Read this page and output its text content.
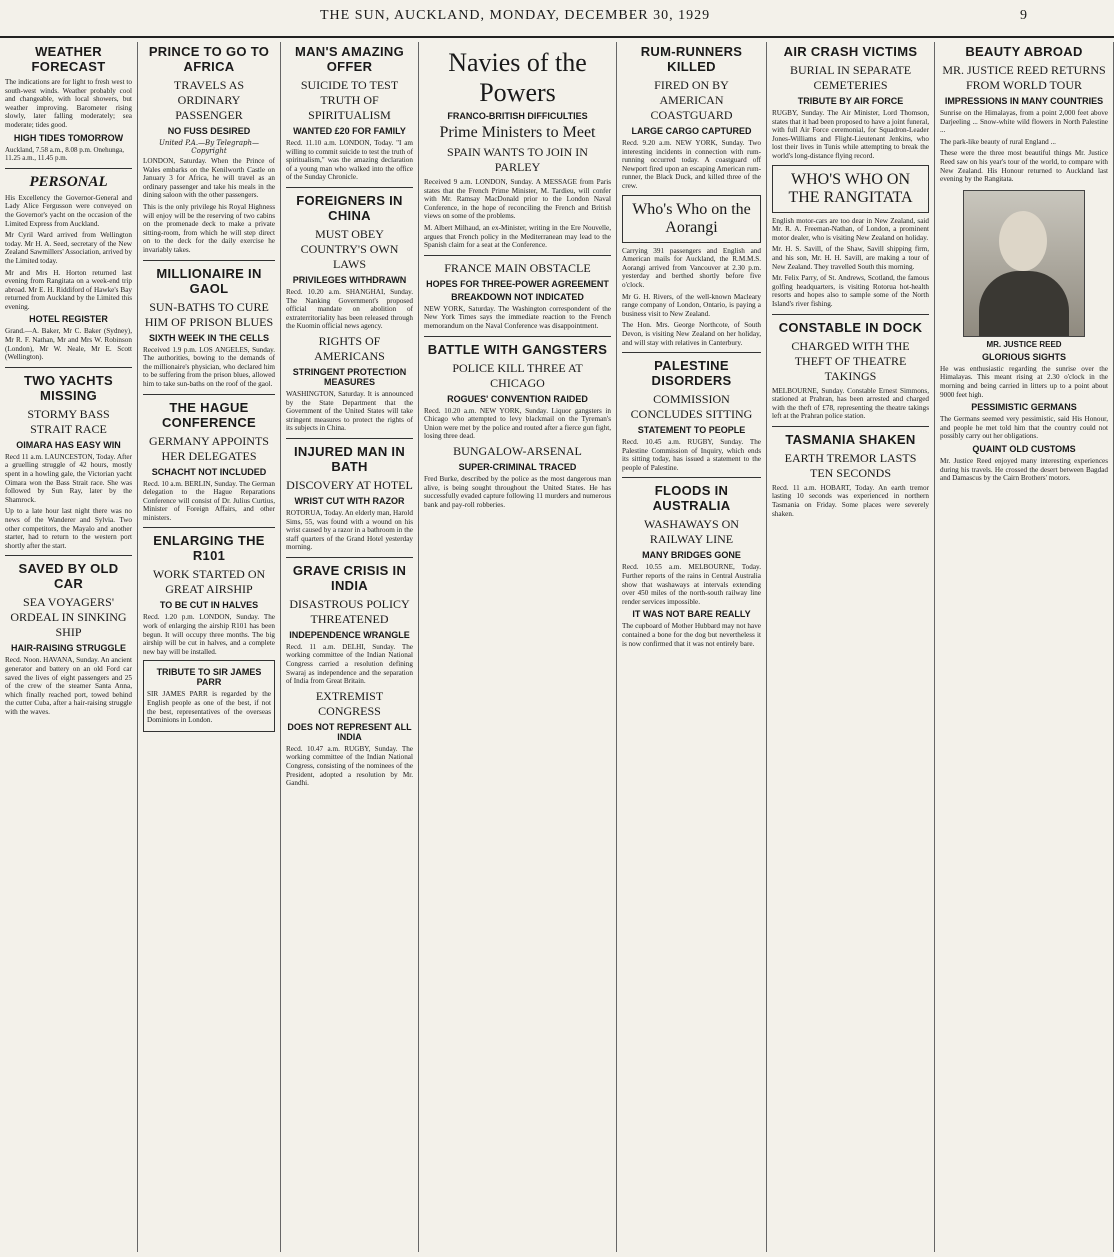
THE SUN, AUCKLAND, MONDAY, DECEMBER 30, 1929	9
WEATHER FORECAST

The indications are for light to fresh west to south-west winds. Weather probably cool and changeable, with local showers, but weather improving. Barometer rising slowly, later falling moderately; sea moderate; tides good.

HIGH TIDES TOMORROW

Auckland, 7.58 a.m., 8.08 p.m. Onehunga, 11.25 a.m., 11.45 p.m.

PERSONAL

His Excellency the Governor-General and Lady Alice Fergusson were conveyed on the Governor's yacht on the occasion of the Limited Express from Auckland.

Mr Cyril Ward arrived from Wellington today. Mr H. A. Seed, secretary of the New Zealand Sawmillers' Association, arrived by the Limited today.

Mr and Mrs H. Horton returned last evening from Rangitata on a week-end trip abroad. Mr E. H. Riddiford of Hawke's Bay returned from Auckland by the Limited this evening.

HOTEL REGISTER

Grand.—A. Baker, Mr C. Baker (Sydney), Mr R. F. Nathan, Mr and Mrs W. Robinson (London), Mr W. Neale, Mr E. Scott (Wellington).

TWO YACHTS MISSING
STORMY BASS STRAIT RACE
OIMARA HAS EASY WIN

Recd 11 a.m. LAUNCESTON, Today. After a gruelling struggle of 42 hours, mostly spent in a howling gale, the Victorian yacht Oimara won the Bass Strait race. She was followed by Sun Ray, later by the Shamrock.

Up to a late hour last night there was no news of the Wanderer and Sylvia. Two other competitors, the Mayalo and another starter, had to return to the western port shortly after the start.

SAVED BY OLD CAR
SEA VOYAGERS' ORDEAL IN SINKING SHIP
HAIR-RAISING STRUGGLE

Recd. Noon. HAVANA, Sunday. An ancient generator and battery on an old Ford car saved the lives of eight passengers and 25 of the crew of the steamer Santa Anna, which finally reached port, towed behind the cutter Cuba, after a hair-raising struggle with the waves.

PRINCE TO GO TO AFRICA
TRAVELS AS ORDINARY PASSENGER
NO FUSS DESIRED
United P.A.—By Telegraph—Copyright

LONDON, Saturday. When the Prince of Wales embarks on the Kenilworth Castle on January 3 for Africa, he will travel as an ordinary passenger and take his meals in the dining saloon with the other passengers.

This is the only privilege his Royal Highness will enjoy will be the reserving of two cabins on the promenade deck to make a private sitting-room, from which he will step direct on to the deck for the daily exercise he invariably takes.

MILLIONAIRE IN GAOL
SUN-BATHS TO CURE HIM OF PRISON BLUES
SIXTH WEEK IN THE CELLS

Received 1.9 p.m. LOS ANGELES, Sunday. The authorities, bowing to the demands of the millionaire's physician, who declared him to be suffering from the prison blues, allowed him to take sun-baths on the roof of the gaol.

THE HAGUE CONFERENCE
GERMANY APPOINTS HER DELEGATES
SCHACHT NOT INCLUDED

Recd. 10 a.m. BERLIN, Sunday. The German delegation to the Hague Reparations Conference will consist of Dr. Julius Curtius, Minister of Foreign Affairs, and other ministers.

ENLARGING THE R101
WORK STARTED ON GREAT AIRSHIP
TO BE CUT IN HALVES

Recd. 1.20 p.m. LONDON, Sunday. The work of enlarging the airship R101 has been begun. It will occupy three months. The big airship will be cut in halves, and a complete new bay will be installed.

TRIBUTE TO SIR JAMES PARR

SIR JAMES PARR is regarded by the English people as one of the best, if not the best, representatives of the overseas Dominions in London.

MAN'S AMAZING OFFER
SUICIDE TO TEST TRUTH OF SPIRITUALISM
WANTED £20 FOR FAMILY

Recd. 11.10 a.m. LONDON, Today. "I am willing to commit suicide to test the truth of spiritualism," was the amazing declaration of a young man who walked into the office of the Sunday Chronicle.

FOREIGNERS IN CHINA
MUST OBEY COUNTRY'S OWN LAWS
PRIVILEGES WITHDRAWN

Recd. 10.20 a.m. SHANGHAI, Sunday. The Nanking Government's proposed official mandate on abolition of extraterritoriality has been released through the Kuomin official news agency.

RIGHTS OF AMERICANS
STRINGENT PROTECTION MEASURES

WASHINGTON, Saturday. It is announced by the State Department that the Government of the United States will take stringent measures to protect the rights of its subjects in China.

INJURED MAN IN BATH
DISCOVERY AT HOTEL
WRIST CUT WITH RAZOR

ROTORUA, Today. An elderly man, Harold Sims, 55, was found with a wound on his wrist caused by a razor in a bathroom in the staff quarters of the Grand Hotel yesterday morning.

GRAVE CRISIS IN INDIA
DISASTROUS POLICY THREATENED
INDEPENDENCE WRANGLE

Recd. 11 a.m. DELHI, Sunday. The working committee of the Indian National Congress carried a resolution defining Swaraj as independence and the separation of India from Great Britain.

EXTREMIST CONGRESS
DOES NOT REPRESENT ALL INDIA

Recd. 10.47 a.m. RUGBY, Sunday. The working committee of the Indian National Congress, consisting of the nominees of the President, adopted a resolution by Mr. Gandhi.

Navies of the Powers
FRANCO-BRITISH DIFFICULTIES
Prime Ministers to Meet
SPAIN WANTS TO JOIN IN PARLEY

Received 9 a.m. LONDON, Sunday. A MESSAGE from Paris states that the French Prime Minister, M. Tardieu, will confer with Mr. Ramsay MacDonald prior to the London Naval Conference, in the hope of reconciling the French and British views on some of the problems.

M. Albert Milhaud, an ex-Minister, writing in the Ere Nouvelle, argues that French policy in the Mediterranean may lead to the Spanish claim for a seat at the Conference.

FRANCE MAIN OBSTACLE
HOPES FOR THREE-POWER AGREEMENT
BREAKDOWN NOT INDICATED

NEW YORK, Saturday. The Washington correspondent of the New York Times says the immediate reaction to the French memorandum on the Naval Conference was disappointment.

BATTLE WITH GANGSTERS
POLICE KILL THREE AT CHICAGO
ROGUES' CONVENTION RAIDED

Recd. 10.20 a.m. NEW YORK, Sunday. Liquor gangsters in Chicago who attempted to levy blackmail on the Tyreman's Union were met by the police and routed after a fierce gun fight, losing three dead.

BUNGALOW-ARSENAL
SUPER-CRIMINAL TRACED

Fred Burke, described by the police as the most dangerous man alive, is being sought throughout the United States. He has successfully evaded capture following 11 murders and numerous bank and pay-roll robberies.

RUM-RUNNERS KILLED
FIRED ON BY AMERICAN COASTGUARD
LARGE CARGO CAPTURED

Recd. 9.20 a.m. NEW YORK, Sunday. Two interesting incidents in connection with rum-running occurred today. A coastguard off Newport fired upon an escaping American rum-runner, the Black Duck, and killed three of the crew.

Who's Who on the Aorangi

Carrying 391 passengers and English and American mails for Auckland, the R.M.M.S. Aorangi arrived from Vancouver at 2.30 p.m. yesterday and berthed shortly before five o'clock.

Mr G. H. Rivers, of the well-known Macleary range company of London, Ontario, is paying a business visit to New Zealand.

The Hon. Mrs. George Northcote, of South Devon, is visiting New Zealand on her holiday, and will stay with relatives in Canterbury.

PALESTINE DISORDERS
COMMISSION CONCLUDES SITTING
STATEMENT TO PEOPLE

Recd. 10.45 a.m. RUGBY, Sunday. The Palestine Commission of Inquiry, which ends its sitting today, has issued a statement to the people of Palestine.

FLOODS IN AUSTRALIA
WASHAWAYS ON RAILWAY LINE
MANY BRIDGES GONE

Recd. 10.55 a.m. MELBOURNE, Today. Further reports of the rains in Central Australia show that washaways at intervals extending over 450 miles of the north-south railway line render services impossible.

IT WAS NOT BARE REALLY

The cupboard of Mother Hubbard may not have contained a bone for the dog but nevertheless it is now confirmed that it was not entirely bare.

AIR CRASH VICTIMS
BURIAL IN SEPARATE CEMETERIES
TRIBUTE BY AIR FORCE

RUGBY, Sunday. The Air Minister, Lord Thomson, states that it had been proposed to have a joint funeral, with full Air Force ceremonial, for Squadron-Leader Jones-Williams and Flight-Lieutenant Jenkins, who lost their lives in Tunis while attempting to break the world's long-distance flying record.

WHO'S WHO ON THE RANGITATA

English motor-cars are too dear in New Zealand, said Mr. R. A. Freeman-Nathan, of London, a prominent motor dealer, who is visiting New Zealand on holiday.

Mr. H. S. Savill, of the Shaw, Savill shipping firm, and his son, Mr. H. H. Savill, are making a tour of New Zealand. They travelled South this morning.

Mr. Felix Parry, of St. Andrews, Scotland, the famous golfing headquarters, is visiting Rotorua hot-health resorts and hopes also to sample some of the North Island's river fishing.

CONSTABLE IN DOCK
CHARGED WITH THE THEFT OF THEATRE TAKINGS

MELBOURNE, Sunday. Constable Ernest Simmons, stationed at Prahran, has been arrested and charged with the theft of £78, representing the theatre takings left at the Prahran police station.

TASMANIA SHAKEN
EARTH TREMOR LASTS TEN SECONDS

Recd. 11 a.m. HOBART, Today. An earth tremor lasting 10 seconds was experienced in northern Tasmania on Friday. Some places were severely shaken.

BEAUTY ABROAD
MR. JUSTICE REED RETURNS FROM WORLD TOUR
IMPRESSIONS IN MANY COUNTRIES

Sunrise on the Himalayas, from a point 2,000 feet above Darjeeling ... Snow-white wild flowers in North Palestine ...

The park-like beauty of rural England ...

These were the three most beautiful things Mr. Justice Reed saw on his year's tour of the world, to compare with New Zealand. His Honour returned to Auckland last evening by the Rangitata.

MR. JUSTICE REED
GLORIOUS SIGHTS

He was enthusiastic regarding the sunrise over the Himalayas. This meant rising at 2.30 o'clock in the morning and being carried in litters up to a point about 9000 feet high.

PESSIMISTIC GERMANS

The Germans seemed very pessimistic, said His Honour, and people he met told him that the country could not possibly carry out her obligations.

QUAINT OLD CUSTOMS

Mr. Justice Reed enjoyed many interesting experiences during his travels. He crossed the desert between Bagdad and Damascus by the Cairn Brothers' motors.
